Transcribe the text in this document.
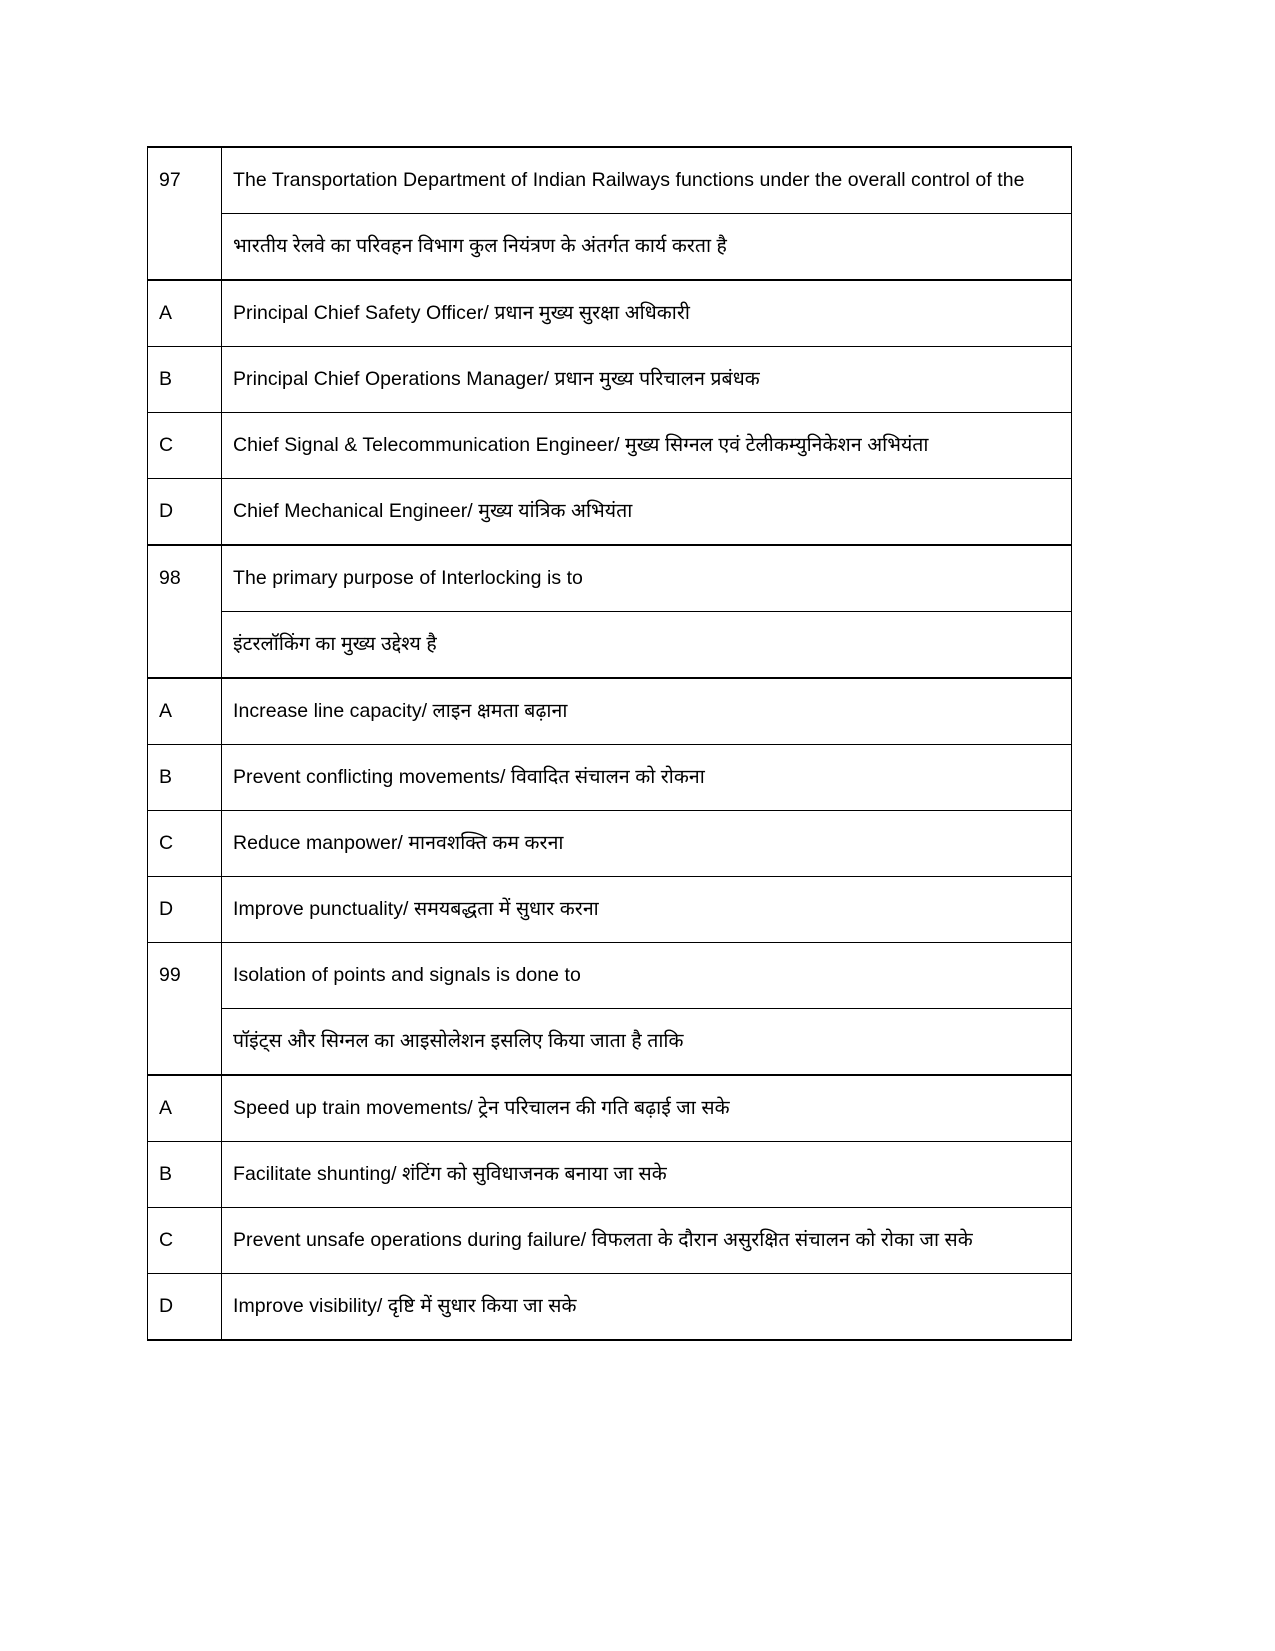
97	The Transportation Department of Indian Railways functions under the overall control of the
	भारतीय रेलवे का परिवहन विभाग कुल नियंत्रण के अंतर्गत कार्य करता है
A	Principal Chief Safety Officer/ प्रधान मुख्य सुरक्षा अधिकारी
B	Principal Chief Operations Manager/ प्रधान मुख्य परिचालन प्रबंधक
C	Chief Signal & Telecommunication Engineer/ मुख्य सिग्नल एवं टेलीकम्युनिकेशन अभियंता
D	Chief Mechanical Engineer/ मुख्य यांत्रिक अभियंता
98	The primary purpose of Interlocking is to
	इंटरलॉकिंग का मुख्य उद्देश्य है
A	Increase line capacity/ लाइन क्षमता बढ़ाना
B	Prevent conflicting movements/ विवादित संचालन को रोकना
C	Reduce manpower/ मानवशक्ति कम करना
D	Improve punctuality/ समयबद्धता में सुधार करना
99	Isolation of points and signals is done to
	पॉइंट्स और सिग्नल का आइसोलेशन इसलिए किया जाता है ताकि
A	Speed up train movements/ ट्रेन परिचालन की गति बढ़ाई जा सके
B	Facilitate shunting/ शंटिंग को सुविधाजनक बनाया जा सके
C	Prevent unsafe operations during failure/ विफलता के दौरान असुरक्षित संचालन को रोका जा सके
D	Improve visibility/ दृष्टि में सुधार किया जा सके
